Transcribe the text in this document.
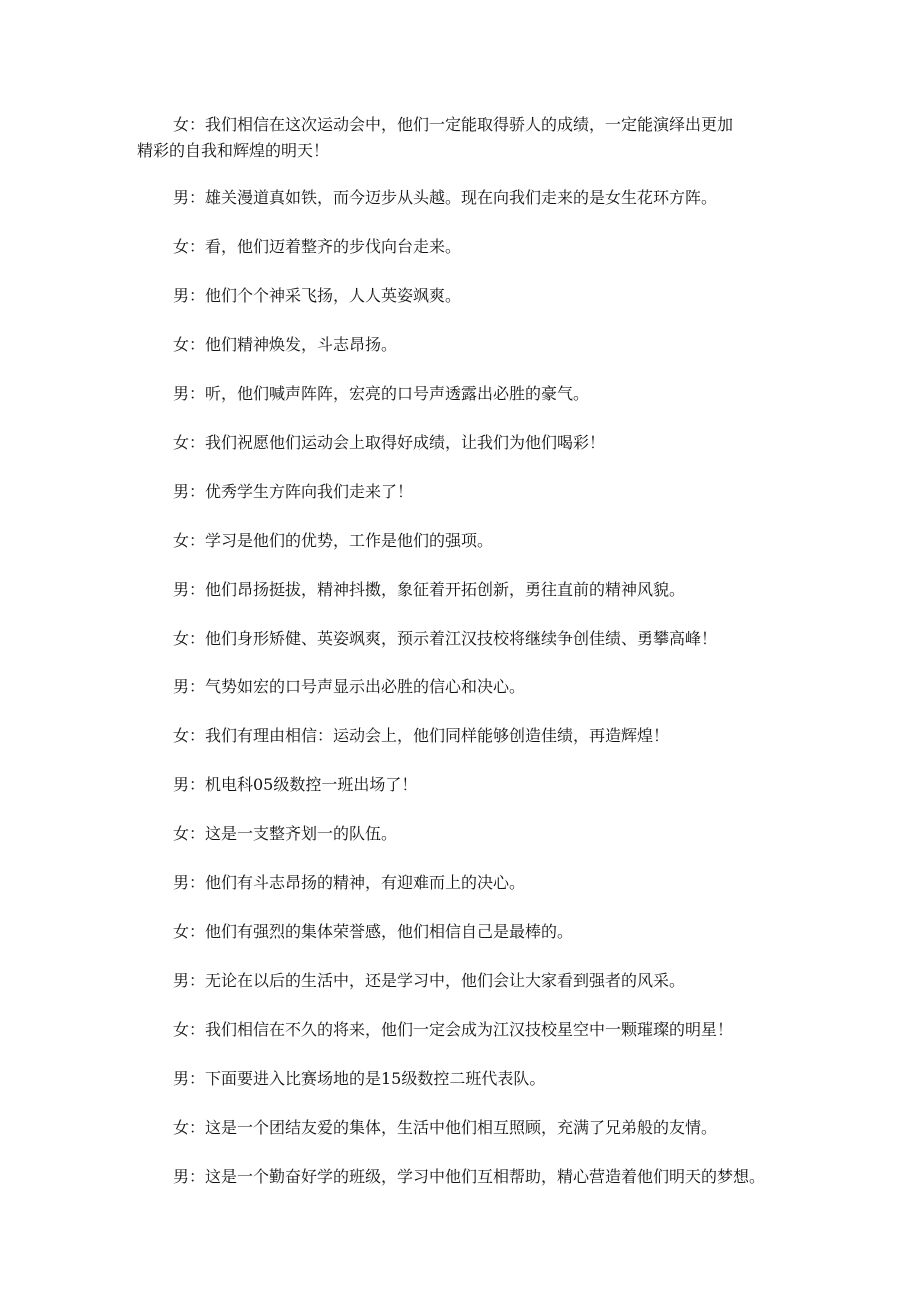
女：我们相信在这次运动会中，他们一定能取得骄人的成绩，一定能演绎出更加
精彩的自我和辉煌的明天！
男：雄关漫道真如铁，而今迈步从头越。现在向我们走来的是女生花环方阵。
女：看，他们迈着整齐的步伐向台走来。
男：他们个个神采飞扬，人人英姿飒爽。
女：他们精神焕发，斗志昂扬。
男：听，他们喊声阵阵，宏亮的口号声透露出必胜的豪气。
女：我们祝愿他们运动会上取得好成绩，让我们为他们喝彩！
男：优秀学生方阵向我们走来了！
女：学习是他们的优势，工作是他们的强项。
男：他们昂扬挺拔，精神抖擞，象征着开拓创新，勇往直前的精神风貌。
女：他们身形矫健、英姿飒爽，预示着江汉技校将继续争创佳绩、勇攀高峰！
男：气势如宏的口号声显示出必胜的信心和决心。
女：我们有理由相信：运动会上，他们同样能够创造佳绩，再造辉煌！
男：机电科05级数控一班出场了！
女：这是一支整齐划一的队伍。
男：他们有斗志昂扬的精神，有迎难而上的决心。
女：他们有强烈的集体荣誉感，他们相信自己是最棒的。
男：无论在以后的生活中，还是学习中，他们会让大家看到强者的风采。
女：我们相信在不久的将来，他们一定会成为江汉技校星空中一颗璀璨的明星！
男：下面要进入比赛场地的是15级数控二班代表队。
女：这是一个团结友爱的集体，生活中他们相互照顾，充满了兄弟般的友情。
男：这是一个勤奋好学的班级，学习中他们互相帮助，精心营造着他们明天的梦想。
